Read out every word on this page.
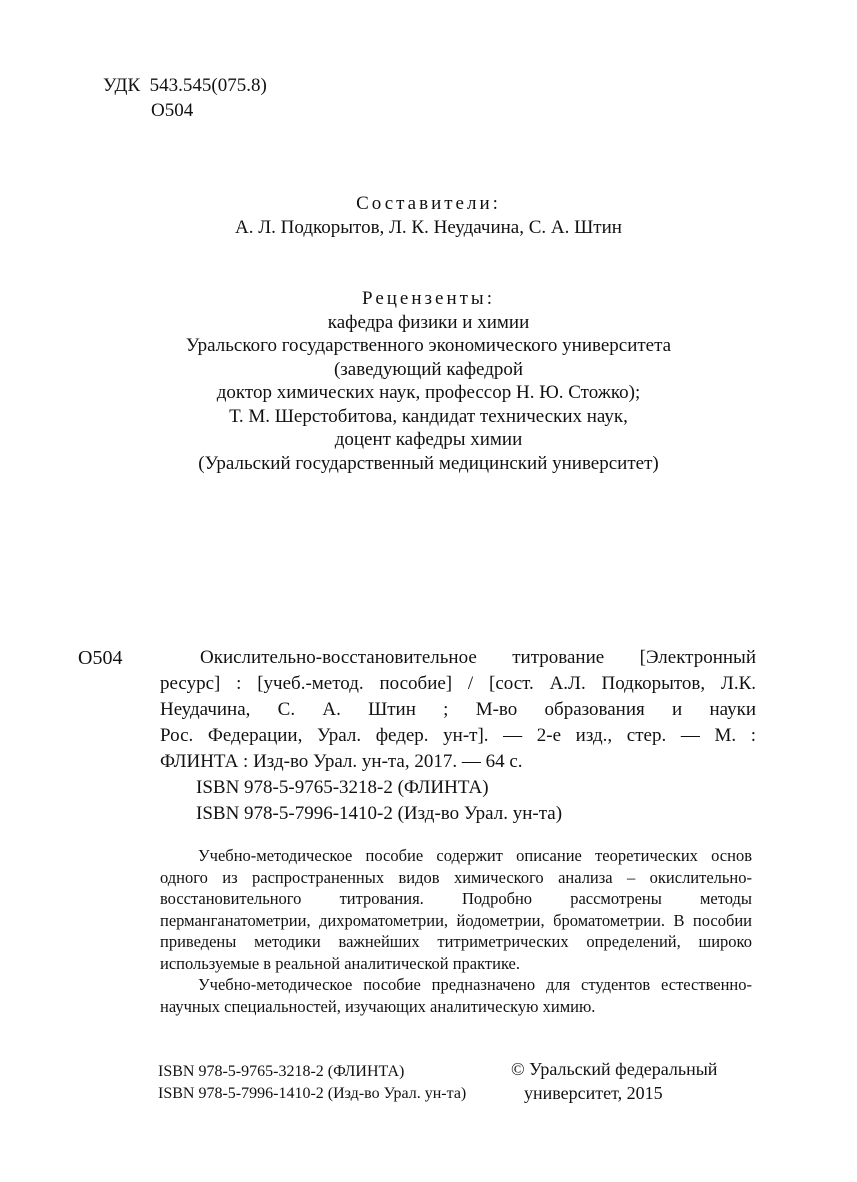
УДК 543.545(075.8)
О504
Составители:
А. Л. Подкорытов, Л. К. Неудачина, С. А. Штин
Рецензенты:
кафедра физики и химии
Уральского государственного экономического университета
(заведующий кафедрой
доктор химических наук, профессор Н. Ю. Стожко);
Т. М. Шерстобитова, кандидат технических наук,
доцент кафедры химии
(Уральский государственный медицинский университет)
О504	Окислительно-восстановительное титрование [Электронный
ресурс] : [учеб.-метод. пособие] / [сост. А.Л. Подкорытов, Л.К.
Неудачина, С. А. Штин ; М-во образования и науки
Рос. Федерации, Урал. федер. ун-т]. — 2-е изд., стер. — М. :
ФЛИНТА : Изд-во Урал. ун-та, 2017. — 64 с.
ISBN 978-5-9765-3218-2 (ФЛИНТА)
ISBN 978-5-7996-1410-2 (Изд-во Урал. ун-та)

Учебно-методическое пособие содержит описание теоретических основ одного из распространенных видов химического анализа – окислительно-восстановительного титрования. Подробно рассмотрены методы перманганатометрии, дихроматометрии, йодометрии, броматометрии. В пособии приведены методики важнейших титриметрических определений, широко используемые в реальной аналитической практике.

Учебно-методическое пособие предназначено для студентов естественно-научных специальностей, изучающих аналитическую химию.

ISBN 978-5-9765-3218-2 (ФЛИНТА)
ISBN 978-5-7996-1410-2 (Изд-во Урал. ун-та)
© Уральский федеральный
университет, 2015
